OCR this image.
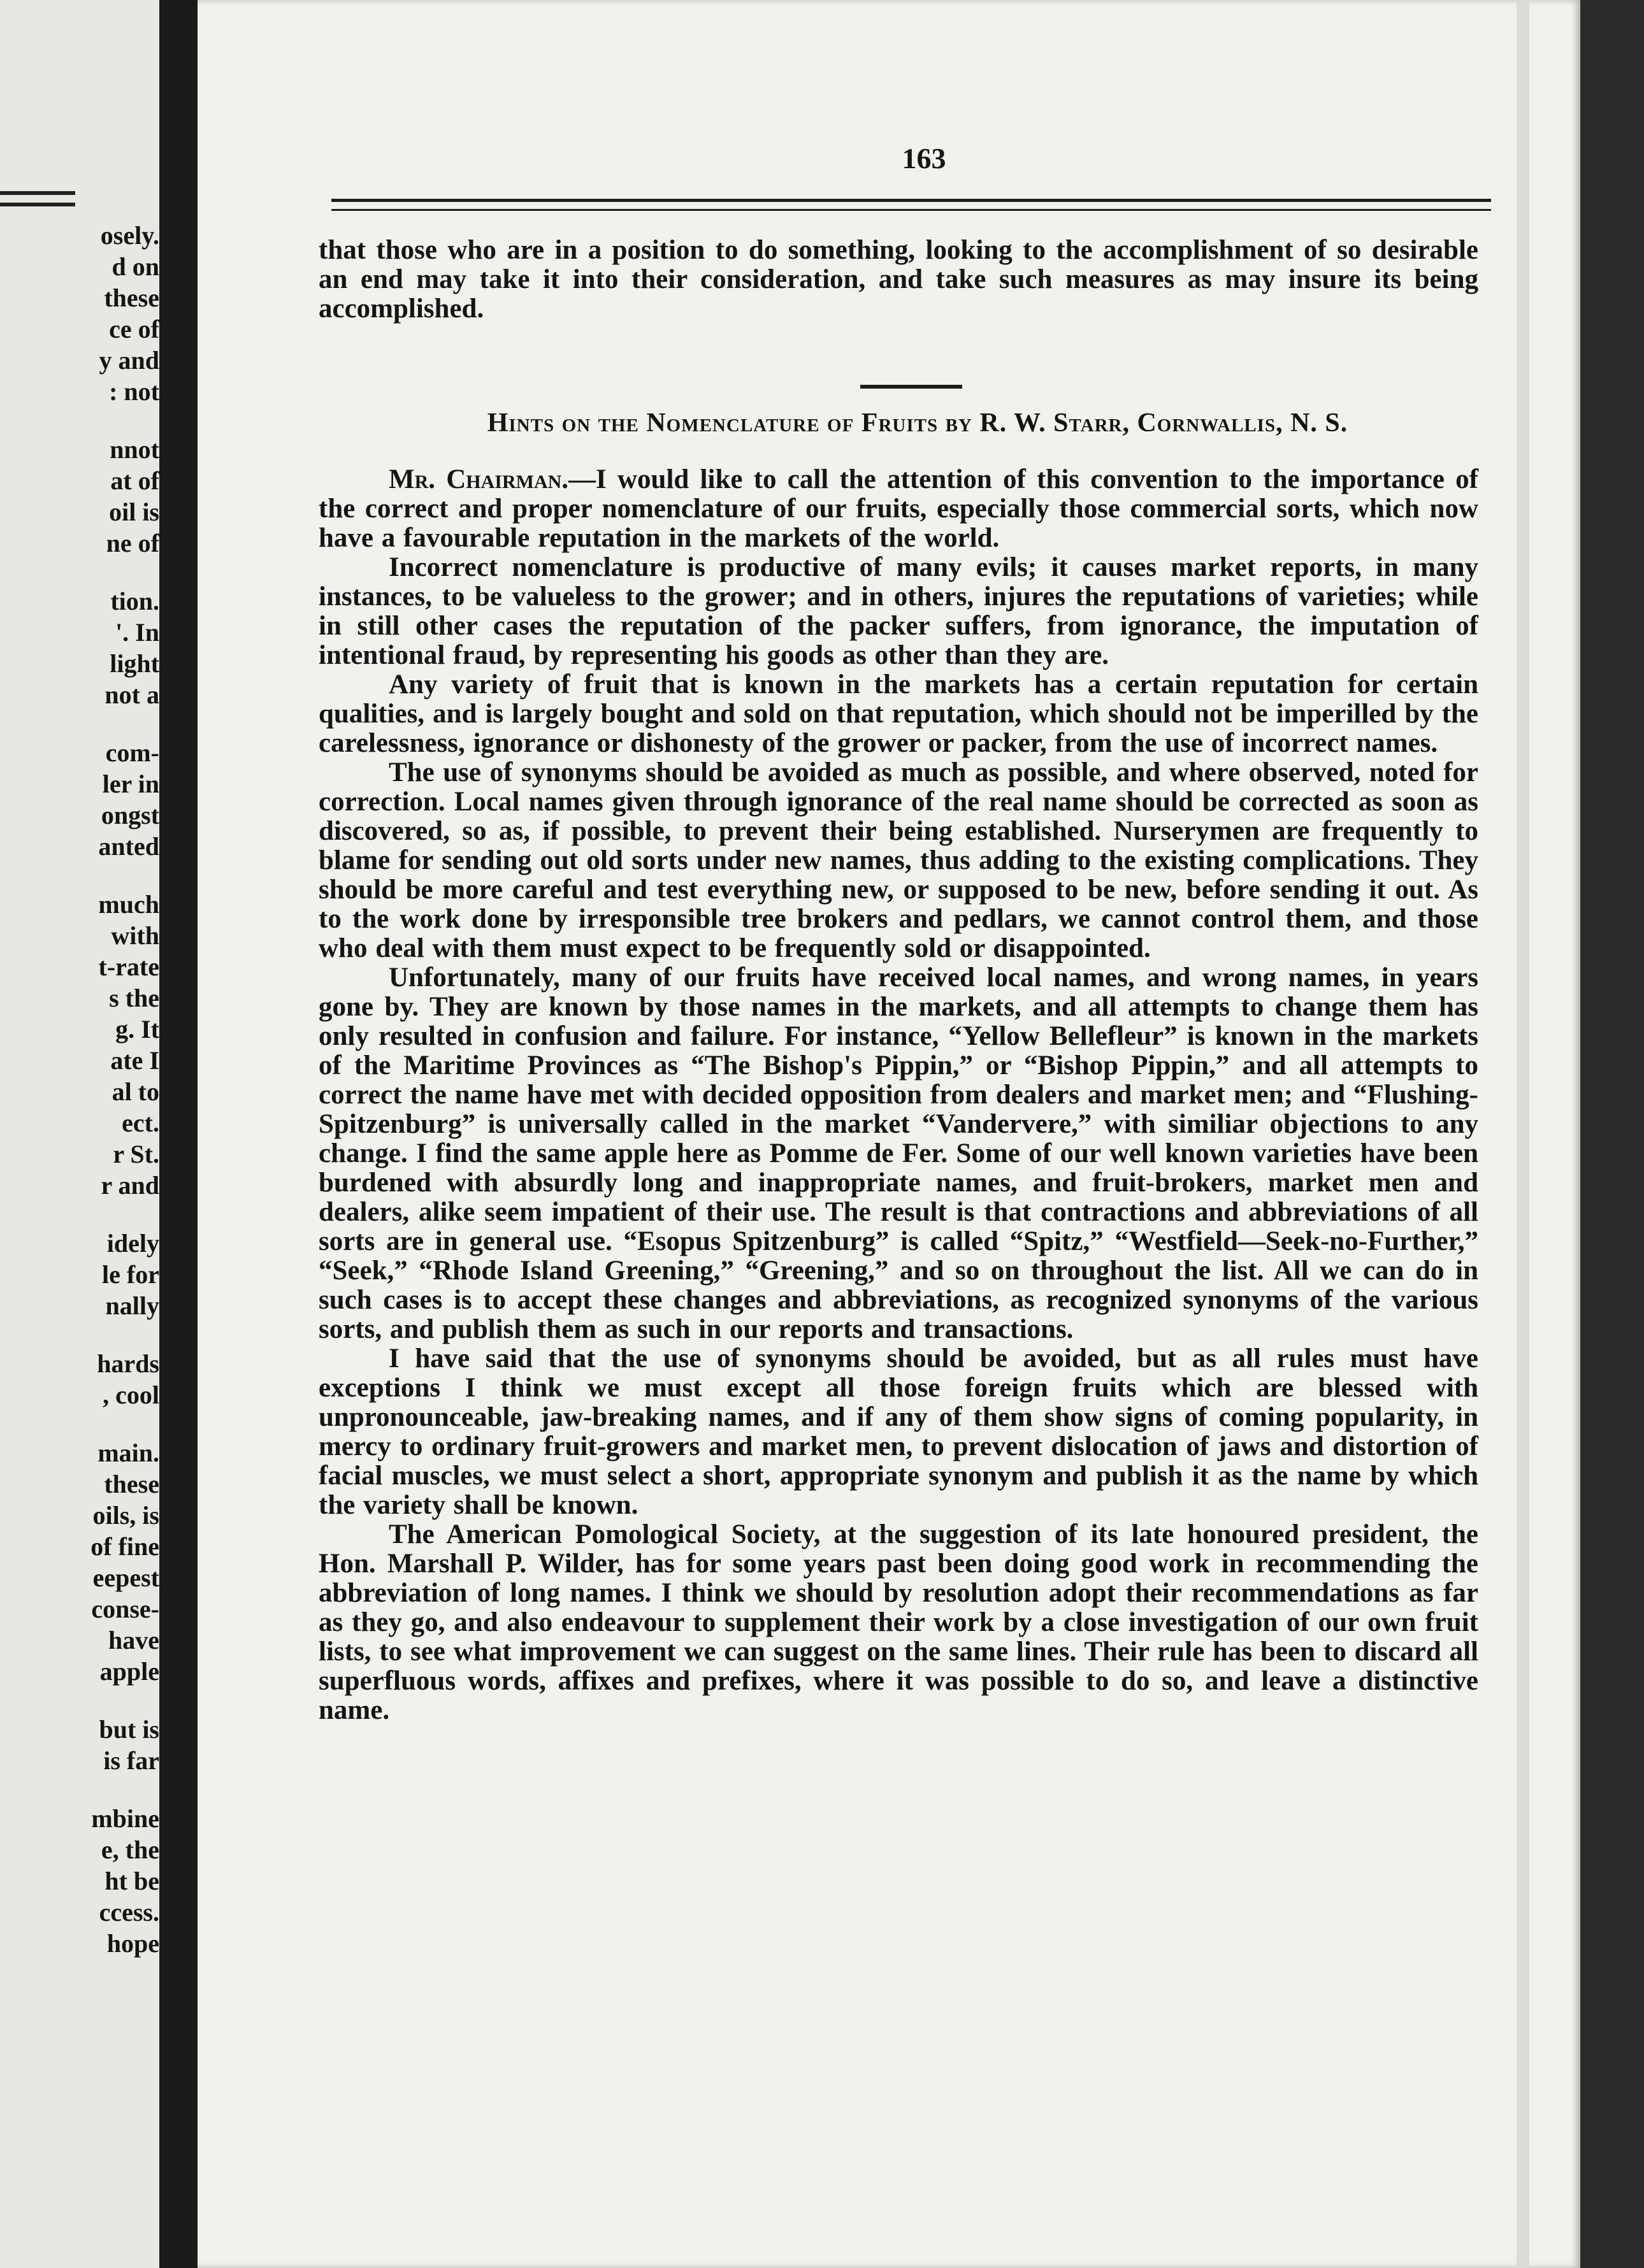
osely.
d on
these
ce of
y and
: not
nnot
at of
oil is
ne of
tion.
'. In
light
not a
com-
ler in
ongst
anted
much
with
t-rate
s the
g. It
ate I
al to
ect.
r St.
r and
idely
le for
nally
hards
, cool
main.
these
oils, is
of fine
eepest
conse-
have
apple
but is
is far
mbine
e, the
ht be
ccess.
hope
163

that those who are in a position to do something, looking to the accomplishment of so desirable an end may take it into their consideration, and take such measures as may insure its being accomplished.

Hints on the Nomenclature of Fruits by R. W. Starr, Cornwallis, N. S.

Mr. Chairman.—I would like to call the attention of this convention to the importance of the correct and proper nomenclature of our fruits, especially those commercial sorts, which now have a favourable reputation in the markets of the world.

Incorrect nomenclature is productive of many evils; it causes market reports, in many instances, to be valueless to the grower; and in others, injures the reputations of varieties; while in still other cases the reputation of the packer suffers, from ignorance, the imputation of intentional fraud, by representing his goods as other than they are.

Any variety of fruit that is known in the markets has a certain reputation for certain qualities, and is largely bought and sold on that reputation, which should not be imperilled by the carelessness, ignorance or dishonesty of the grower or packer, from the use of incorrect names.

The use of synonyms should be avoided as much as possible, and where observed, noted for correction. Local names given through ignorance of the real name should be corrected as soon as discovered, so as, if possible, to prevent their being established. Nurserymen are frequently to blame for sending out old sorts under new names, thus adding to the existing complications. They should be more careful and test everything new, or supposed to be new, before sending it out. As to the work done by irresponsible tree brokers and pedlars, we cannot control them, and those who deal with them must expect to be frequently sold or disappointed.

Unfortunately, many of our fruits have received local names, and wrong names, in years gone by. They are known by those names in the markets, and all attempts to change them has only resulted in confusion and failure. For instance, “Yellow Bellefleur” is known in the markets of the Maritime Provinces as “The Bishop's Pippin,” or “Bishop Pippin,” and all attempts to correct the name have met with decided opposition from dealers and market men; and “Flushing-Spitzenburg” is universally called in the market “Vandervere,” with similiar objections to any change. I find the same apple here as Pomme de Fer. Some of our well known varieties have been burdened with absurdly long and inappropriate names, and fruit-brokers, market men and dealers, alike seem impatient of their use. The result is that contractions and abbreviations of all sorts are in general use. “Esopus Spitzenburg” is called “Spitz,” “Westfield—Seek-no-Further,” “Seek,” “Rhode Island Greening,” “Greening,” and so on throughout the list. All we can do in such cases is to accept these changes and abbreviations, as recognized synonyms of the various sorts, and publish them as such in our reports and transactions.

I have said that the use of synonyms should be avoided, but as all rules must have exceptions I think we must except all those foreign fruits which are blessed with unpronounceable, jaw-breaking names, and if any of them show signs of coming popularity, in mercy to ordinary fruit-growers and market men, to prevent dislocation of jaws and distortion of facial muscles, we must select a short, appropriate synonym and publish it as the name by which the variety shall be known.

The American Pomological Society, at the suggestion of its late honoured president, the Hon. Marshall P. Wilder, has for some years past been doing good work in recommending the abbreviation of long names. I think we should by resolution adopt their recommendations as far as they go, and also endeavour to supplement their work by a close investigation of our own fruit lists, to see what improvement we can suggest on the same lines. Their rule has been to discard all superfluous words, affixes and prefixes, where it was possible to do so, and leave a distinctive name.
